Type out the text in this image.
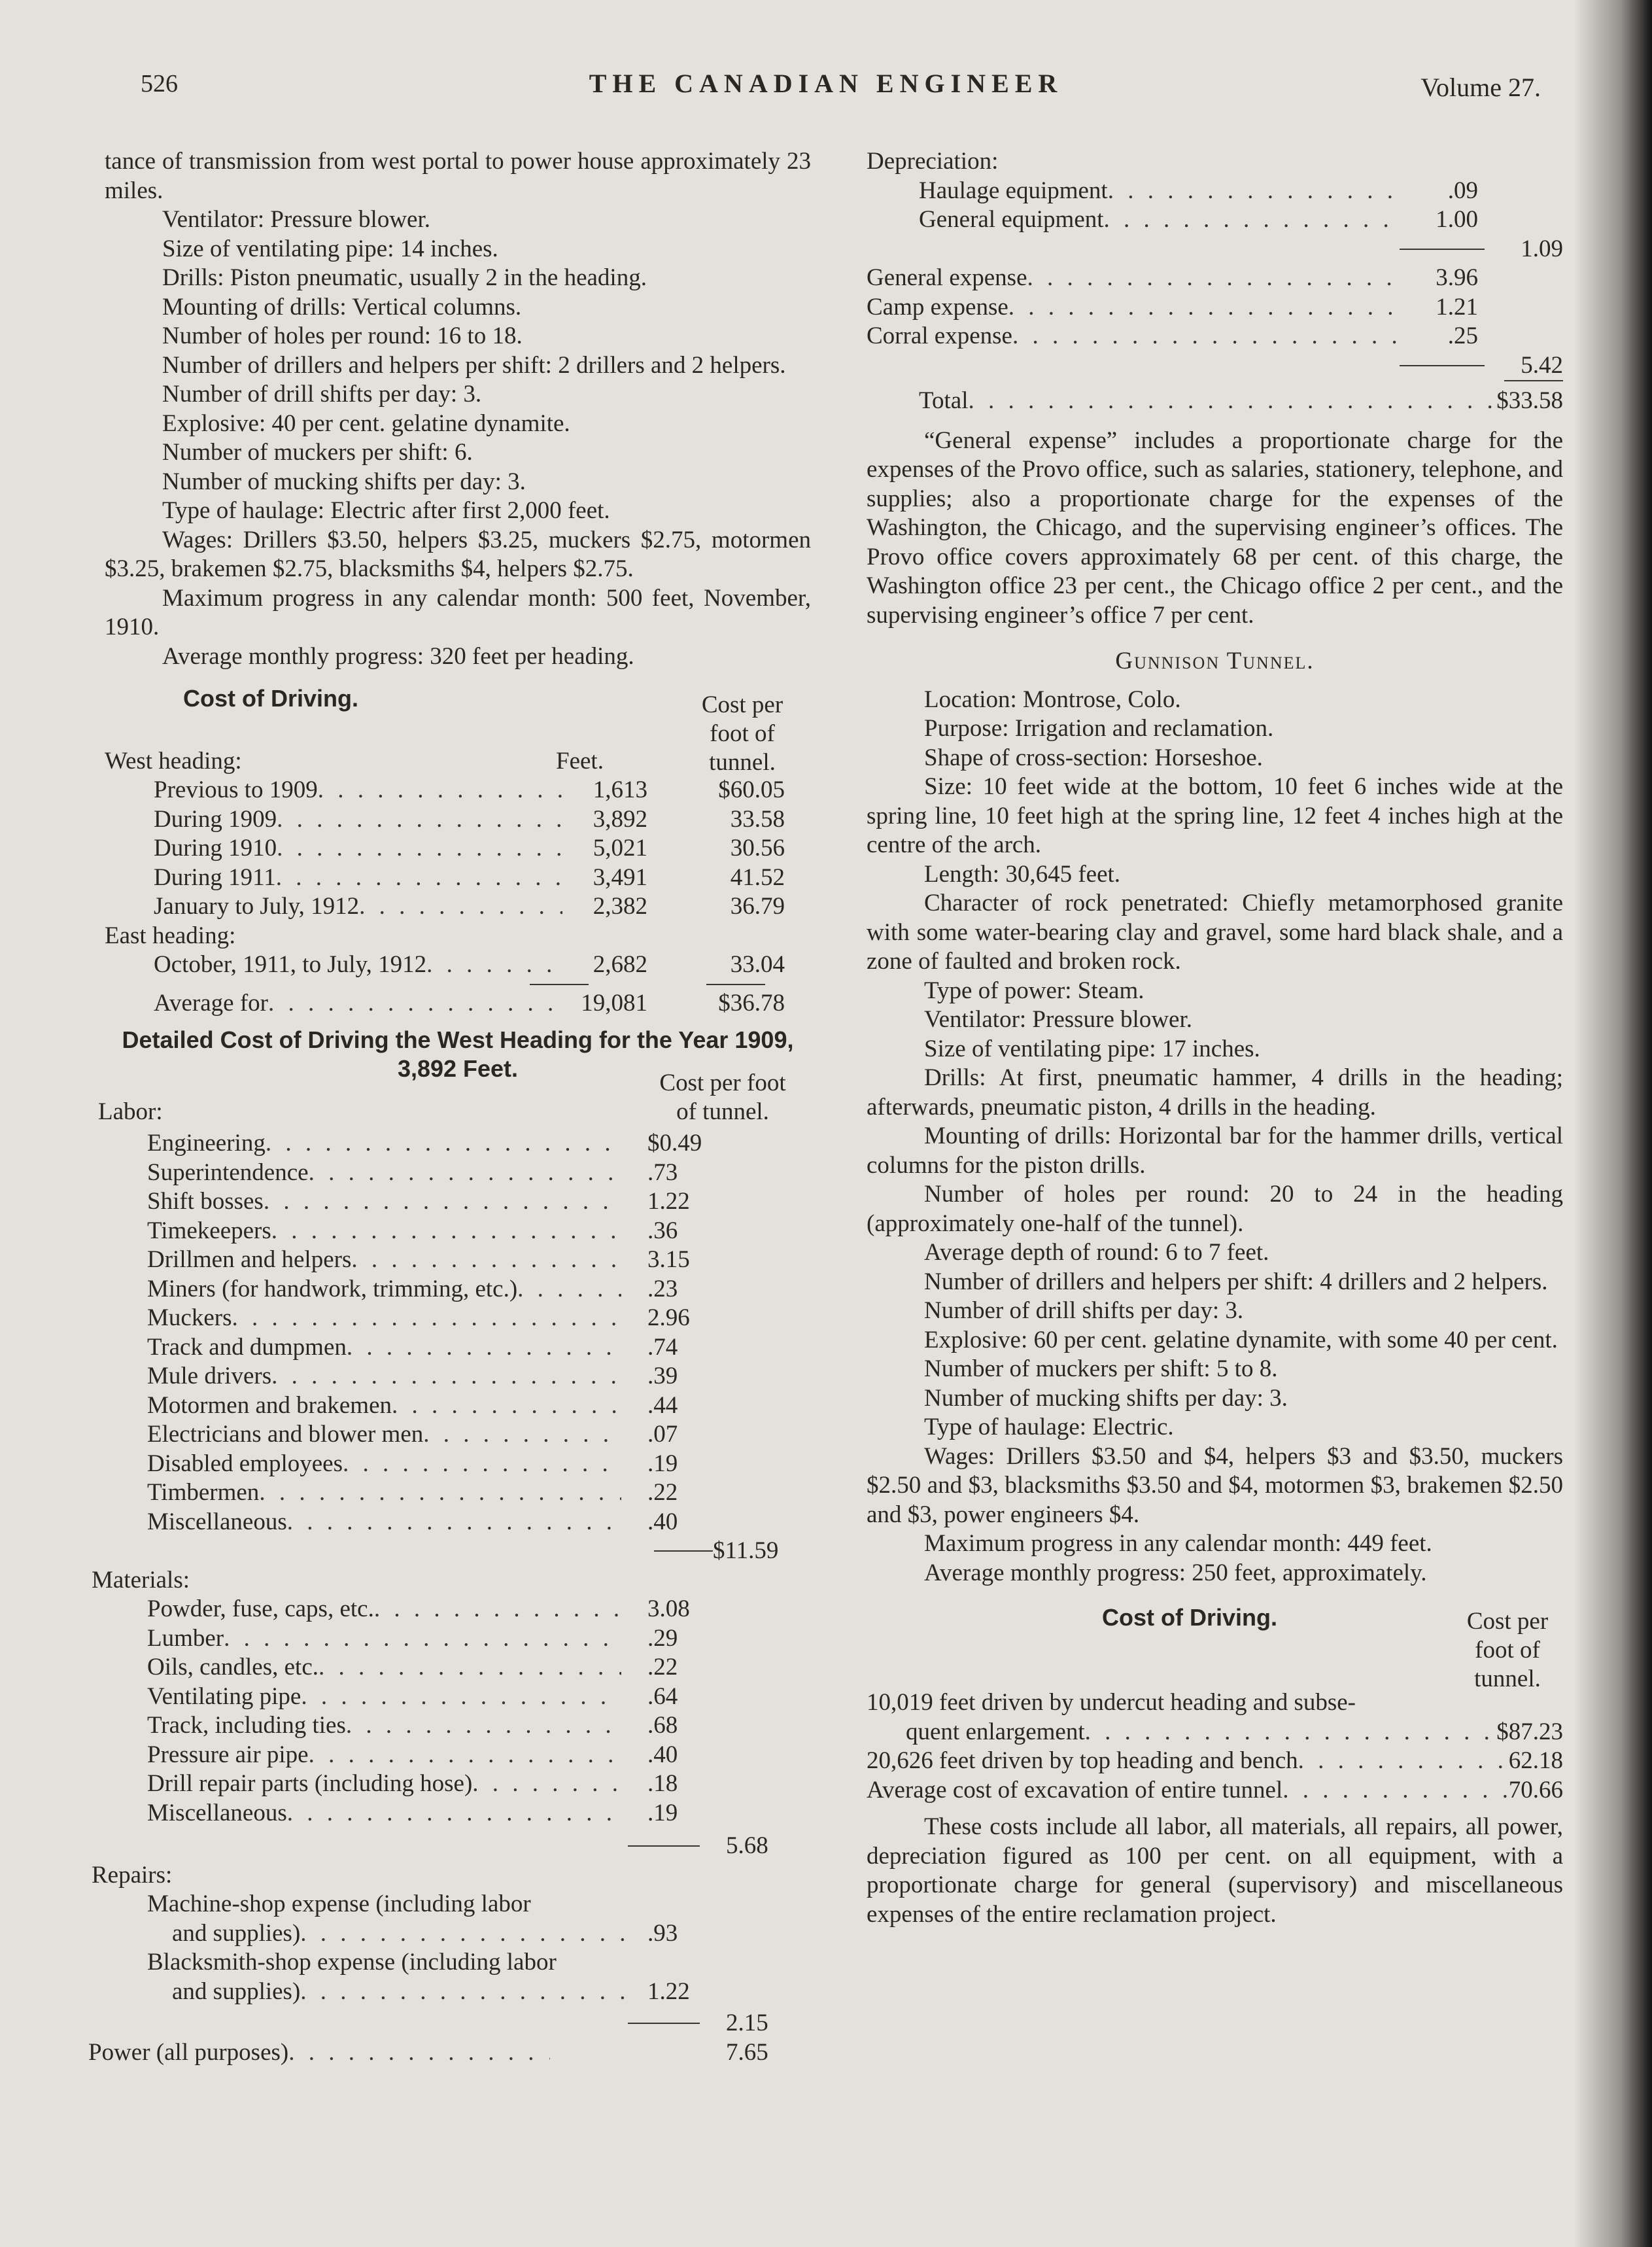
526	THE CANADIAN ENGINEER	Volume 27.

tance of transmission from west portal to power house approximately 23 miles.

Ventilator: Pressure blower.

Size of ventilating pipe: 14 inches.

Drills: Piston pneumatic, usually 2 in the heading.

Mounting of drills: Vertical columns.

Number of holes per round: 16 to 18.

Number of drillers and helpers per shift: 2 drillers and 2 helpers.

Number of drill shifts per day: 3.

Explosive: 40 per cent. gelatine dynamite.

Number of muckers per shift: 6.

Number of mucking shifts per day: 3.

Type of haulage: Electric after first 2,000 feet.

Wages: Drillers $3.50, helpers $3.25, muckers $2.75, motormen $3.25, brakemen $2.75, blacksmiths $4, helpers $2.75.

Maximum progress in any calendar month: 500 feet, November, 1910.

Average monthly progress: 320 feet per heading.

Cost of Driving.	Cost per foot of tunnel.
West heading:	Feet.
Previous to 1909 . . .	1,613	$60.05
During 1909 . . .	3,892	33.58
During 1910 . . .	5,021	30.56
During 1911 . . .	3,491	41.52
January to July, 1912 . . .	2,382	36.79

East heading:

October, 1911, to July, 1912 . . .	2,682	33.04
Average for . . .	19,081	$36.78
Detailed Cost of Driving the West Heading for the Year 1909, 3,892 Feet.
Cost per foot of tunnel.
Labor:
Engineering . . .	$0.49
Superintendence . . .	.73
Shift bosses . . .	1.22
Timekeepers . . .	.36
Drillmen and helpers . . .	3.15
Miners (for handwork, trimming, etc.) . . .	.23
Muckers . . .	2.96
Track and dumpmen . . .	.74
Mule drivers . . .	.39
Motormen and brakemen . . .	.44
Electricians and blower men . . .	.07
Disabled employees . . .	.19
Timbermen . . .	.22
Miscellaneous . . .	.40
$11.59

Materials:

Powder, fuse, caps, etc. . . .	3.08
Lumber . . .	.29
Oils, candles, etc. . . .	.22
Ventilating pipe . . .	.64
Track, including ties . . .	.68
Pressure air pipe . . .	.40
Drill repair parts (including hose) . . .	.18
Miscellaneous . . .	.19
5.68

Repairs:

Machine-shop expense (including labor
and supplies) . . .	.93
Blacksmith-shop expense (including labor
and supplies) . . .	1.22
2.15
Power (all purposes) . . .	7.65

Depreciation:

Haulage equipment . . .	.09
General equipment . . .	1.00
1.09
General expense . . .	3.96
Camp expense . . .	1.21
Corral expense . . .	.25
5.42
Total . . .	$33.58

“General expense” includes a proportionate charge for the expenses of the Provo office, such as salaries, stationery, telephone, and supplies; also a proportionate charge for the expenses of the Washington, the Chicago, and the supervising engineer’s offices. The Provo office covers approximately 68 per cent. of this charge, the Washington office 23 per cent., the Chicago office 2 per cent., and the supervising engineer’s office 7 per cent.

Gunnison Tunnel.

Location: Montrose, Colo.

Purpose: Irrigation and reclamation.

Shape of cross-section: Horseshoe.

Size: 10 feet wide at the bottom, 10 feet 6 inches wide at the spring line, 10 feet high at the spring line, 12 feet 4 inches high at the centre of the arch.

Length: 30,645 feet.

Character of rock penetrated: Chiefly metamorphosed granite with some water-bearing clay and gravel, some hard black shale, and a zone of faulted and broken rock.

Type of power: Steam.

Ventilator: Pressure blower.

Size of ventilating pipe: 17 inches.

Drills: At first, pneumatic hammer, 4 drills in the heading; afterwards, pneumatic piston, 4 drills in the heading.

Mounting of drills: Horizontal bar for the hammer drills, vertical columns for the piston drills.

Number of holes per round: 20 to 24 in the heading (approximately one-half of the tunnel).

Average depth of round: 6 to 7 feet.

Number of drillers and helpers per shift: 4 drillers and 2 helpers.

Number of drill shifts per day: 3.

Explosive: 60 per cent. gelatine dynamite, with some 40 per cent.

Number of muckers per shift: 5 to 8.

Number of mucking shifts per day: 3.

Type of haulage: Electric.

Wages: Drillers $3.50 and $4, helpers $3 and $3.50, muckers $2.50 and $3, blacksmiths $3.50 and $4, motormen $3, brakemen $2.50 and $3, power engineers $4.

Maximum progress in any calendar month: 449 feet.

Average monthly progress: 250 feet, approximately.

Cost of Driving.	Cost per foot of tunnel.
10,019 feet driven by undercut heading and subse-
quent enlargement . . .	$87.23
20,626 feet driven by top heading and bench . . .	62.18
Average cost of excavation of entire tunnel . . .	70.66

These costs include all labor, all materials, all repairs, all power, depreciation figured as 100 per cent. on all equipment, with a proportionate charge for general (supervisory) and miscellaneous expenses of the entire reclamation project.
